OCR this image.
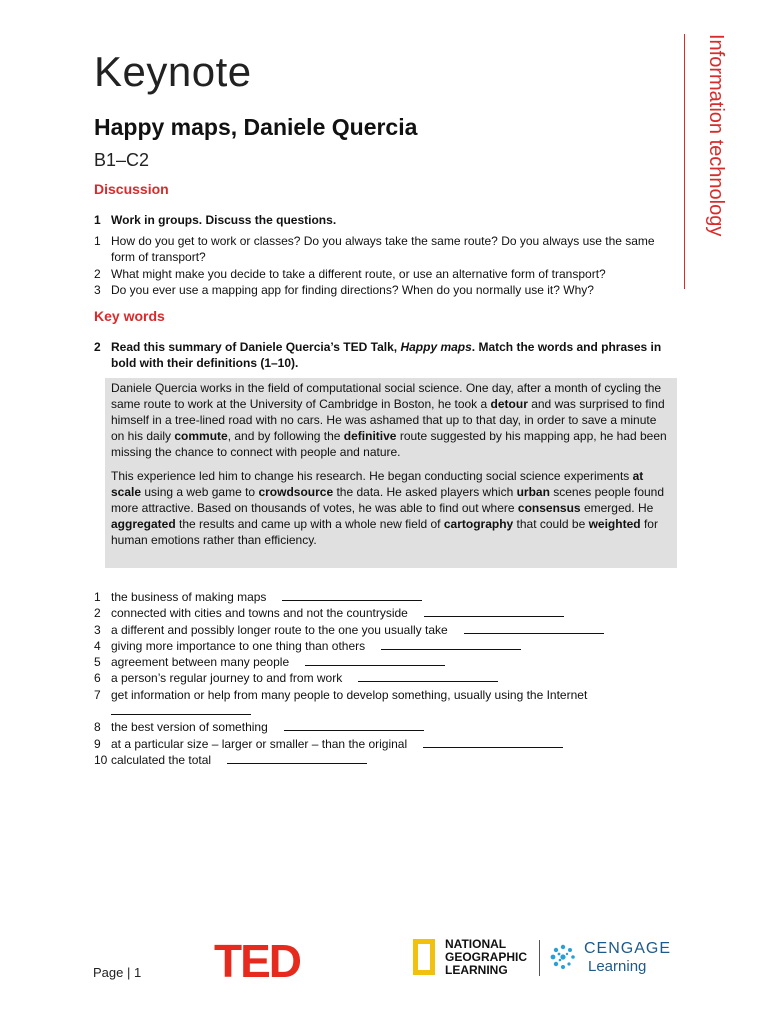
Keynote
Happy maps, Daniele Quercia
B1–C2	Information technology
Discussion
1 Work in groups. Discuss the questions.
1 How do you get to work or classes? Do you always take the same route? Do you always use the same form of transport?
2 What might make you decide to take a different route, or use an alternative form of transport?
3 Do you ever use a mapping app for finding directions? When do you normally use it? Why?
Key words
2 Read this summary of Daniele Quercia’s TED Talk, Happy maps. Match the words and phrases in bold with their definitions (1–10).

Daniele Quercia works in the field of computational social science. One day, after a month of cycling the same route to work at the University of Cambridge in Boston, he took a detour and was surprised to find himself in a tree-lined road with no cars. He was ashamed that up to that day, in order to save a minute on his daily commute, and by following the definitive route suggested by his mapping app, he had been missing the chance to connect with people and nature.

This experience led him to change his research. He began conducting social science experiments at scale using a web game to crowdsource the data. He asked players which urban scenes people found more attractive. Based on thousands of votes, he was able to find out where consensus emerged. He aggregated the results and came up with a whole new field of cartography that could be weighted for human emotions rather than efficiency.

1 the business of making maps
2 connected with cities and towns and not the countryside
3 a different and possibly longer route to the one you usually take
4 giving more importance to one thing than others
5 agreement between many people
6 a person’s regular journey to and from work
7 get information or help from many people to develop something, usually using the Internet
8 the best version of something
9 at a particular size – larger or smaller – than the original
10 calculated the total
Page | 1 TED	NATIONAL
GEOGRAPHIC
LEARNING
CENGAGE
Learning
